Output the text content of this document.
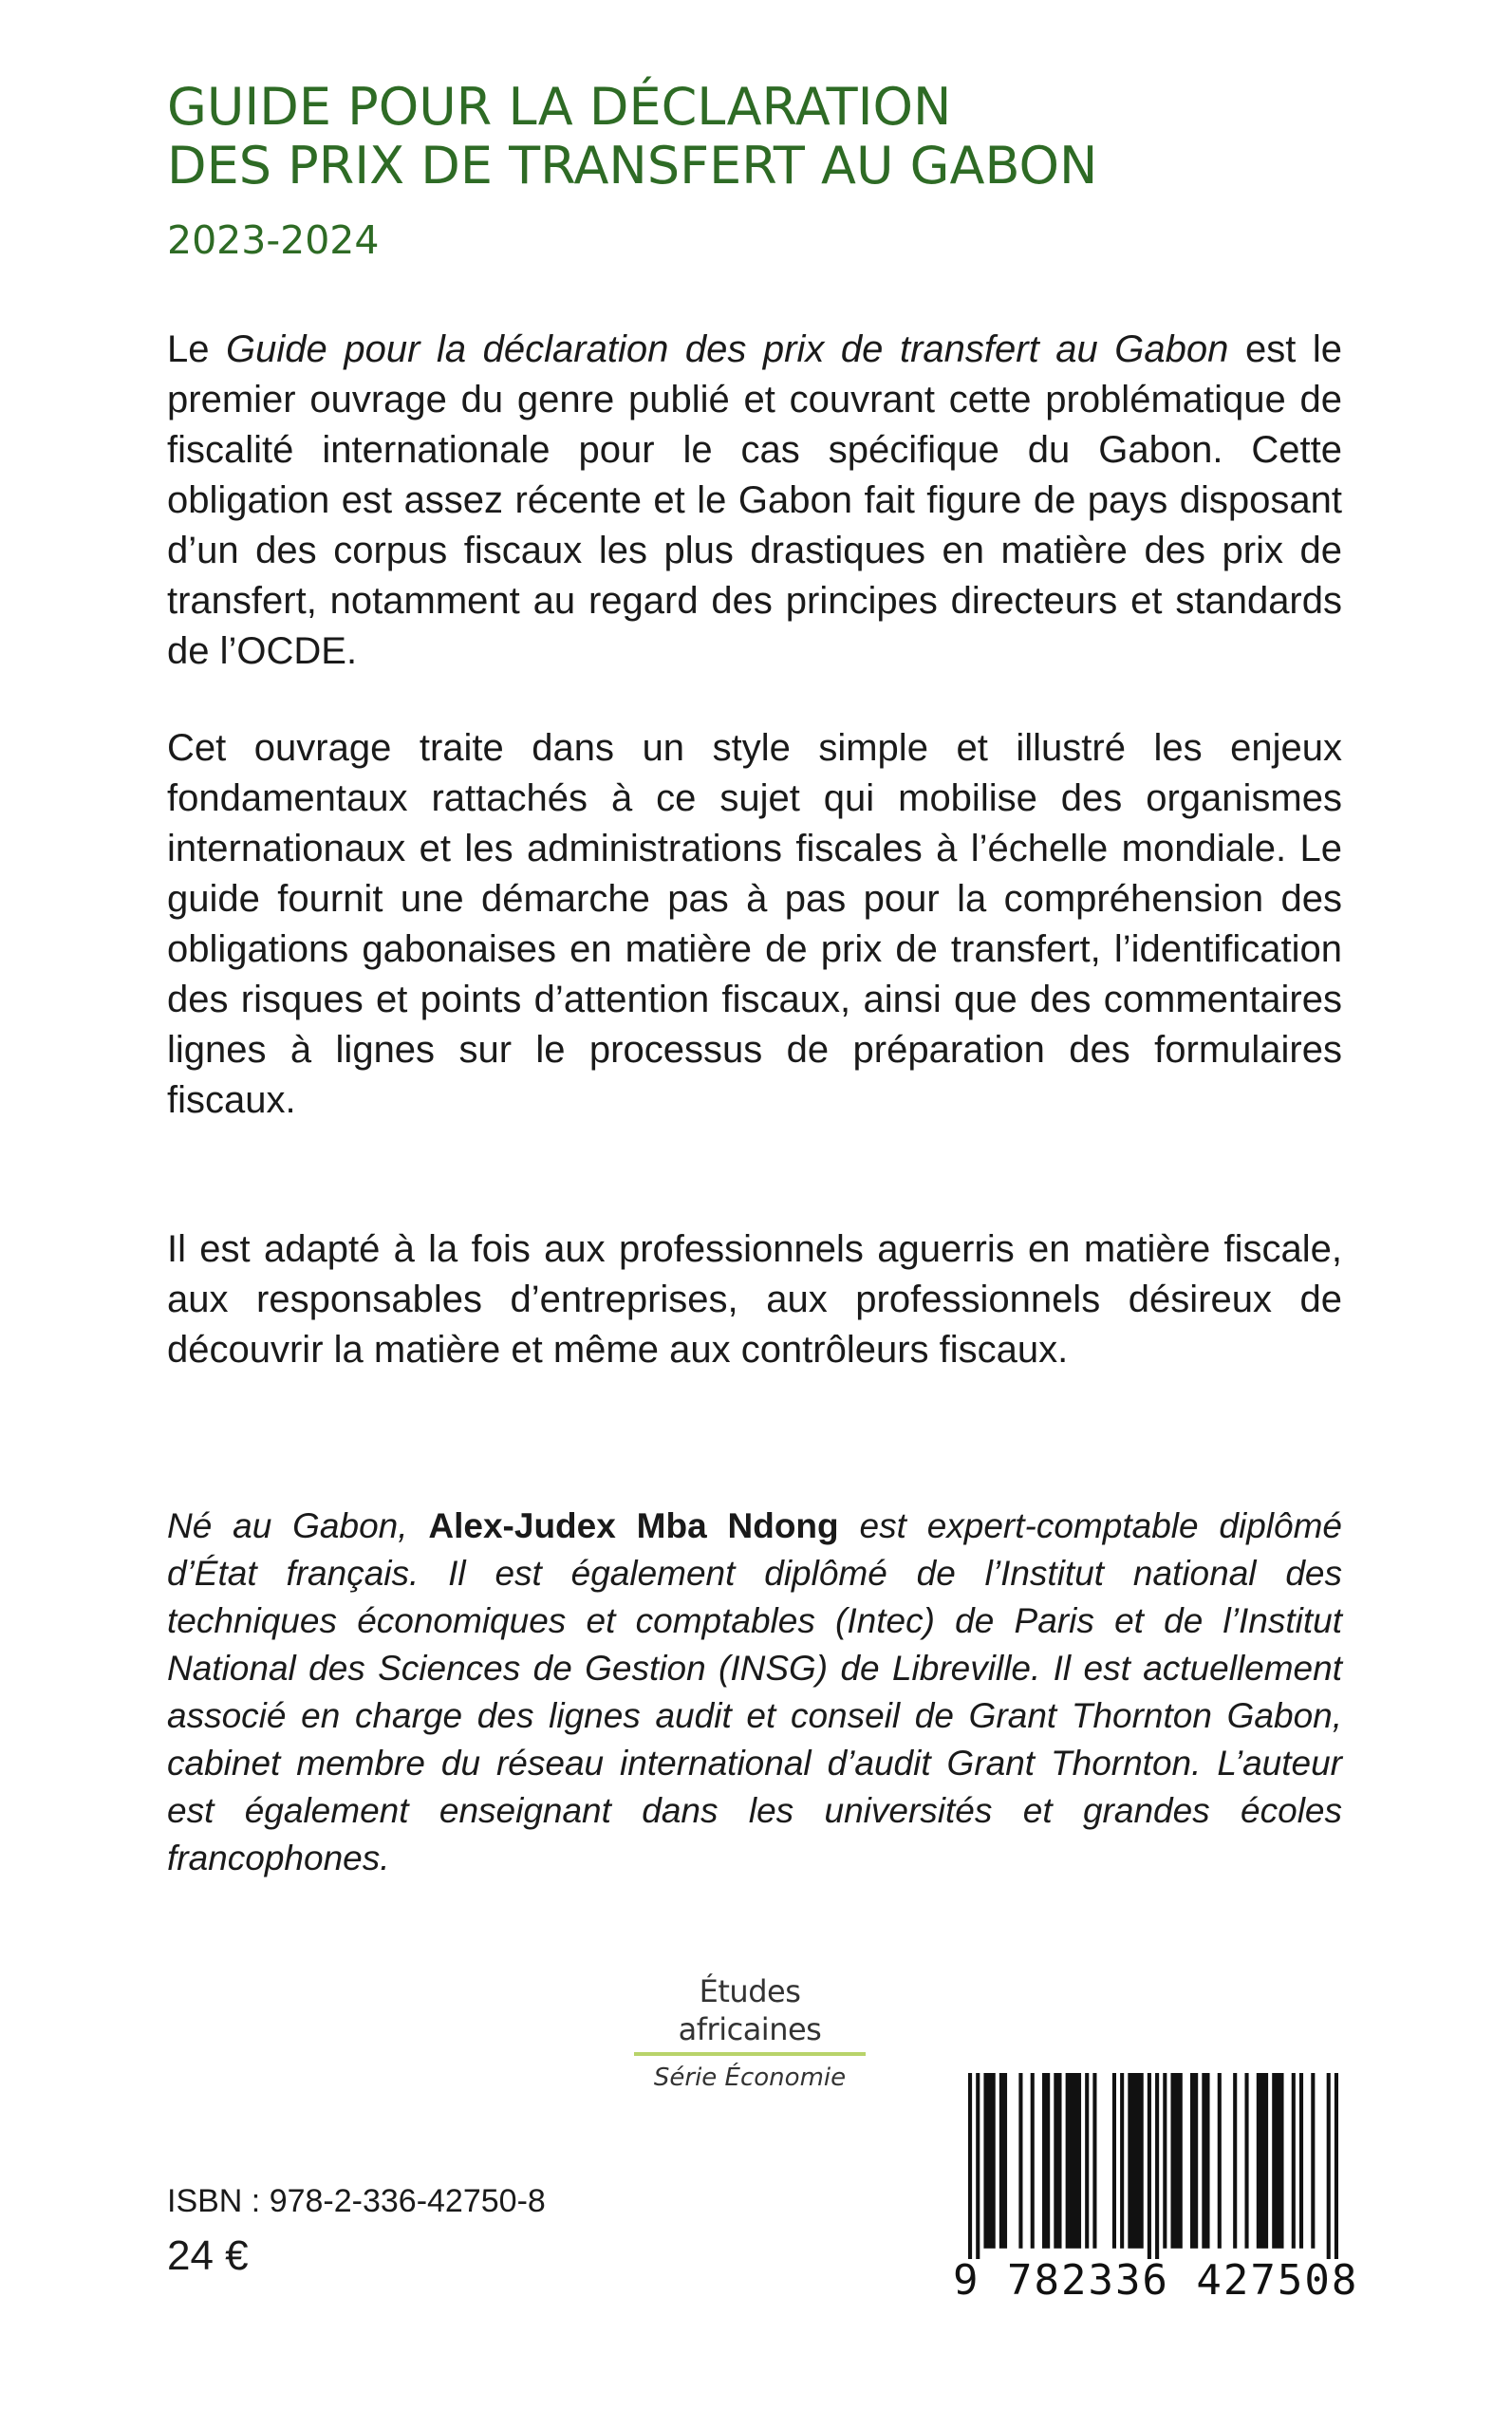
GUIDE POUR LA DÉCLARATION
DES PRIX DE TRANSFERT AU GABON
2023-2024

Le Guide pour la déclaration des prix de transfert au Gabon est le premier ouvrage du genre publié et couvrant cette problématique de fiscalité internationale pour le cas spécifique du Gabon. Cette obligation est assez récente et le Gabon fait figure de pays disposant d’un des corpus fiscaux les plus drastiques en matière des prix de transfert, notamment au regard des principes directeurs et standards de l’OCDE.

Cet ouvrage traite dans un style simple et illustré les enjeux fondamentaux rattachés à ce sujet qui mobilise des organismes internationaux et les administrations fiscales à l’échelle mondiale. Le guide fournit une démarche pas à pas pour la compréhension des obligations gabonaises en matière de prix de transfert, l’identification des risques et points d’attention fiscaux, ainsi que des commentaires lignes à lignes sur le processus de préparation des formulaires fiscaux.

Il est adapté à la fois aux professionnels aguerris en matière fiscale, aux responsables d’entreprises, aux professionnels désireux de découvrir la matière et même aux contrôleurs fiscaux.

Né au Gabon, Alex-Judex Mba Ndong est expert-comptable diplômé d’État français. Il est également diplômé de l’Institut national des techniques économiques et comptables (Intec) de Paris et de l’Institut National des Sciences de Gestion (INSG) de Libreville. Il est actuellement associé en charge des lignes audit et conseil de Grant Thornton Gabon, cabinet membre du réseau international d’audit Grant Thornton. L’auteur est également enseignant dans les universités et grandes écoles francophones.

Études africaines
Série Économie
ISBN : 978-2-336-42750-8
24 €
9 782336 427508
